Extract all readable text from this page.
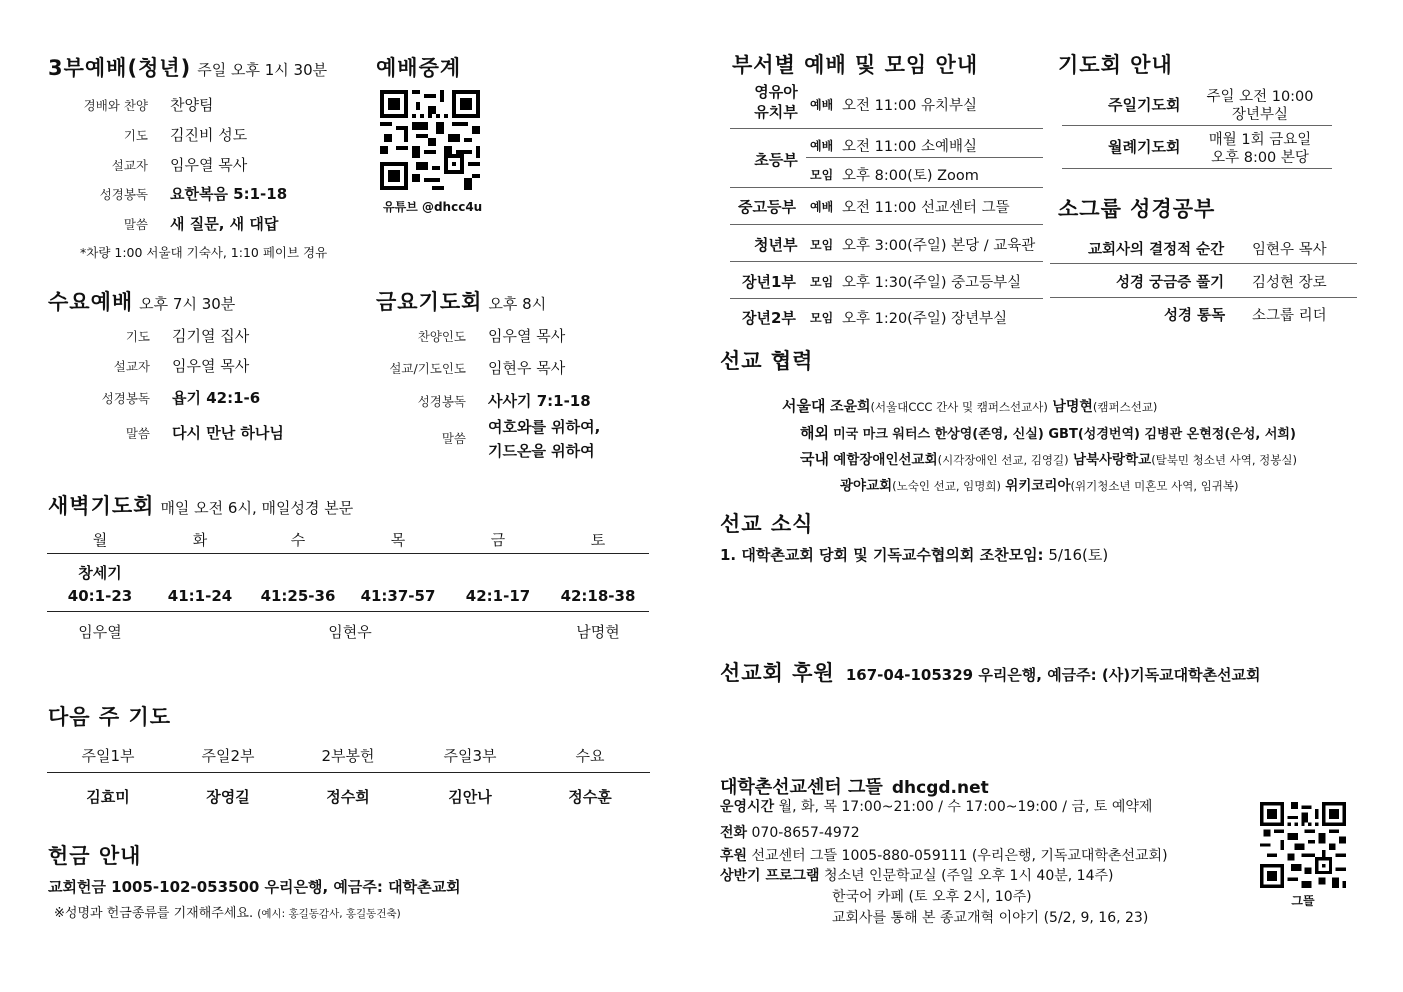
3부예배(청년) 주일 오후 1시 30분
경배와 찬양 찬양팀
기도 김진비 성도
설교자 임우열 목사
성경봉독 요한복음 5:1-18
말씀 새 질문, 새 대답
*차량 1:00 서울대 기숙사, 1:10 페이브 경유
예배중계
유튜브 @dhcc4u
수요예배 오후 7시 30분
기도 김기열 집사
설교자 임우열 목사
성경봉독 욥기 42:1-6
말씀 다시 만난 하나님
금요기도회 오후 8시
찬양인도 임우열 목사
설교/기도인도 임현우 목사
성경봉독 사사기 7:1-18
말씀
여호와를 위하여,
기드온을 위하여
새벽기도회 매일 오전 6시, 매일성경 본문
월	화	수	목	금	토
창세기
40:1-23	41:1-24	41:25-36	41:37-57	42:1-17	42:18-38
임우열	임현우	남명현
다음 주 기도
주일1부	주일2부	2부봉헌	주일3부	수요
김효미	장영길	정수희	김안나	정수훈
헌금 안내
교회헌금 1005-102-053500 우리은행, 예금주: 대학촌교회
※성명과 헌금종류를 기재해주세요. (예시: 홍길동감사, 홍길동건축)
부서별 예배 및 모임 안내
영유아
유치부	예배 오전 11:00 유치부실
초등부
예배 오전 11:00 소예배실
모임 오후 8:00(토) Zoom
중고등부 예배 오전 11:00 선교센터 그뜰
청년부 모임 오후 3:00(주일) 본당 / 교육관
장년1부 모임 오후 1:30(주일) 중고등부실
장년2부 모임 오후 1:20(주일) 장년부실
기도회 안내
주일기도회	주일 오전 10:00
장년부실
월례기도회	매월 1회 금요일
오후 8:00 본당
소그룹 성경공부
교회사의 결정적 순간 임현우 목사
성경 궁금증 풀기 김성현 장로
성경 통독 소그룹 리더
선교 협력
서울대 조윤희(서울대CCC 간사 및 캠퍼스선교사) 남명현(캠퍼스선교)
해외 미국 마크 워터스 한상영(존영, 신실) GBT(성경번역) 김병관 온현정(은성, 서희)
국내 예함장애인선교회(시각장애인 선교, 김영길) 남북사랑학교(탈북민 청소년 사역, 정봉실)
광야교회(노숙인 선교, 임명희) 위키코리아(위기청소년 미혼모 사역, 임귀복)
선교 소식
1. 대학촌교회 당회 및 기독교수협의회 조찬모임: 5/16(토)
선교회 후원 167-04-105329 우리은행, 예금주: (사)기독교대학촌선교회
대학촌선교센터 그뜰 dhcgd.net
운영시간 월, 화, 목 17:00~21:00 / 수 17:00~19:00 / 금, 토 예약제
전화 070-8657-4972
후원 선교센터 그뜰 1005-880-059111 (우리은행, 기독교대학촌선교회)
상반기 프로그램 청소년 인문학교실 (주일 오후 1시 40분, 14주)
한국어 카페 (토 오후 2시, 10주)
교회사를 통해 본 종교개혁 이야기 (5/2, 9, 16, 23)
그뜰
